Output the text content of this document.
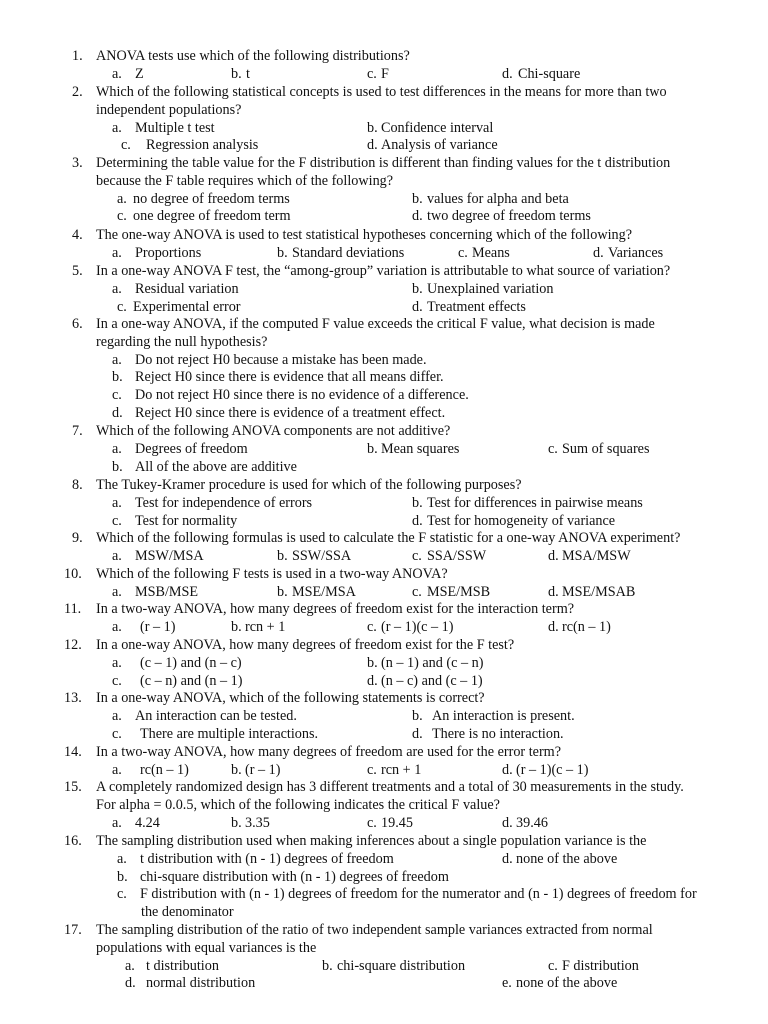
1. ANOVA tests use which of the following distributions?
a. Z	b. t	c. F	d. Chi-square
2. Which of the following statistical concepts is used to test differences in the means for more than two
independent populations?
a. Multiple t test	b. Confidence interval
c. Regression analysis	d. Analysis of variance
3. Determining the table value for the F distribution is different than finding values for the t distribution
because the F table requires which of the following?
a. no degree of freedom terms	b. values for alpha and beta
c. one degree of freedom term	d. two degree of freedom terms
4. The one-way ANOVA is used to test statistical hypotheses concerning which of the following?
a. Proportions	b. Standard deviations	c. Means	d. Variances
5. In a one-way ANOVA F test, the “among-group” variation is attributable to what source of variation?
a. Residual variation	b. Unexplained variation
c. Experimental error	d. Treatment effects
6. In a one-way ANOVA, if the computed F value exceeds the critical F value, what decision is made
regarding the null hypothesis?
a. Do not reject H0 because a mistake has been made.
b. Reject H0 since there is evidence that all means differ.
c. Do not reject H0 since there is no evidence of a difference.
d. Reject H0 since there is evidence of a treatment effect.
7. Which of the following ANOVA components are not additive?
a. Degrees of freedom	b. Mean squares	c. Sum of squares
b. All of the above are additive
8. The Tukey-Kramer procedure is used for which of the following purposes?
a. Test for independence of errors	b. Test for differences in pairwise means
c. Test for normality	d. Test for homogeneity of variance
9. Which of the following formulas is used to calculate the F statistic for a one-way ANOVA experiment?
a. MSW/MSA	b. SSW/SSA	c. SSA/SSW	d. MSA/MSW
10. Which of the following F tests is used in a two-way ANOVA?
a. MSB/MSE	b. MSE/MSA	c. MSE/MSB	d. MSE/MSAB
11. In a two-way ANOVA, how many degrees of freedom exist for the interaction term?
a. (r – 1)	b. rcn + 1	c. (r – 1)(c – 1)	d. rc(n – 1)
12. In a one-way ANOVA, how many degrees of freedom exist for the F test?
a. (c – 1) and (n – c)	b. (n – 1) and (c – n)
c. (c – n) and (n – 1)	d. (n – c) and (c – 1)
13. In a one-way ANOVA, which of the following statements is correct?
a. An interaction can be tested.	b. An interaction is present.
c. There are multiple interactions.	d. There is no interaction.
14. In a two-way ANOVA, how many degrees of freedom are used for the error term?
a. rc(n – 1)	b. (r – 1)	c. rcn + 1	d. (r – 1)(c – 1)
15. A completely randomized design has 3 different treatments and a total of 30 measurements in the study.
For alpha = 0.0.5, which of the following indicates the critical F value?
a. 4.24	b. 3.35	c. 19.45	d. 39.46
16. The sampling distribution used when making inferences about a single population variance is the
a. t distribution with (n - 1) degrees of freedom	d. none of the above
b. chi-square distribution with (n - 1) degrees of freedom
c. F distribution with (n - 1) degrees of freedom for the numerator and (n - 1) degrees of freedom for
the denominator
17. The sampling distribution of the ratio of two independent sample variances extracted from normal
populations with equal variances is the
a. t distribution	b. chi-square distribution	c. F distribution
d. normal distribution	e. none of the above
